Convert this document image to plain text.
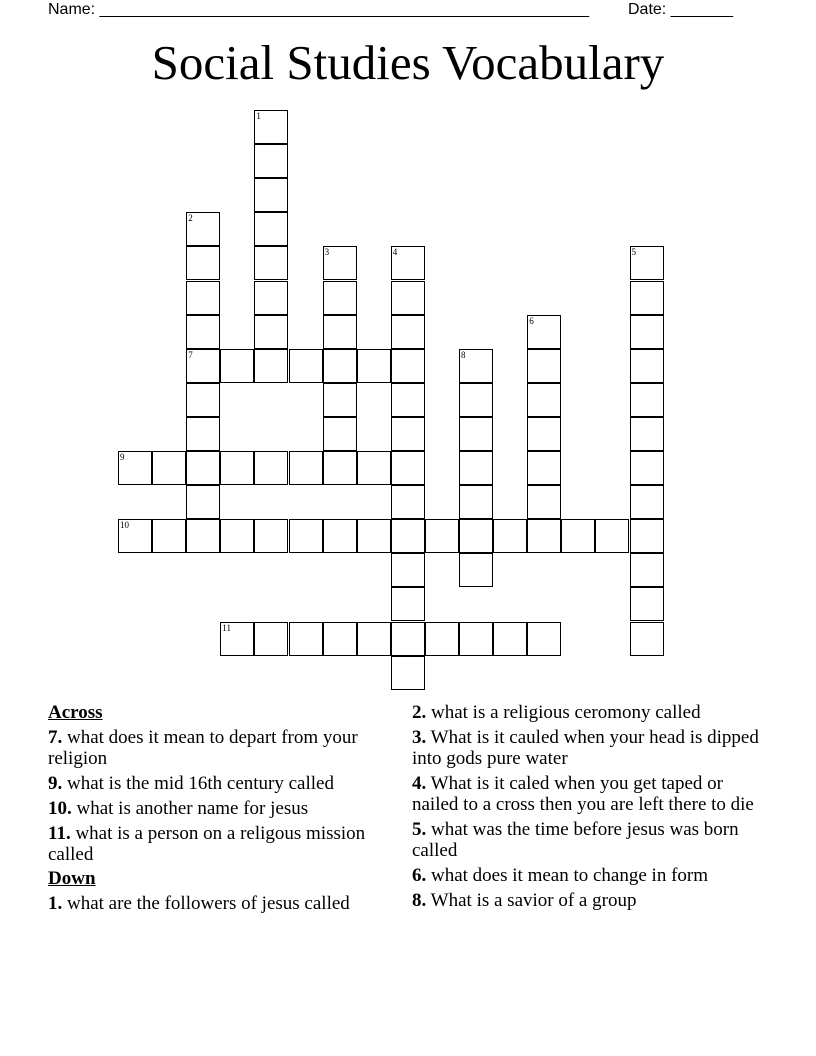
Name: _______________________________________________________ Date: _______
Social Studies Vocabulary
1
2
7
3	4	5
6
8
9
10
11
Across
7. what does it mean to depart from your religion
9. what is the mid 16th century called
10. what is another name for jesus
11. what is a person on a religous mission called
Down
1. what are the followers of jesus called
2. what is a religious ceromony called
3. What is it cauled when your head is dipped into gods pure water
4. What is it caled when you get taped or nailed to a cross then you are left there to die
5. what was the time before jesus was born called
6. what does it mean to change in form
8. What is a savior of a group
